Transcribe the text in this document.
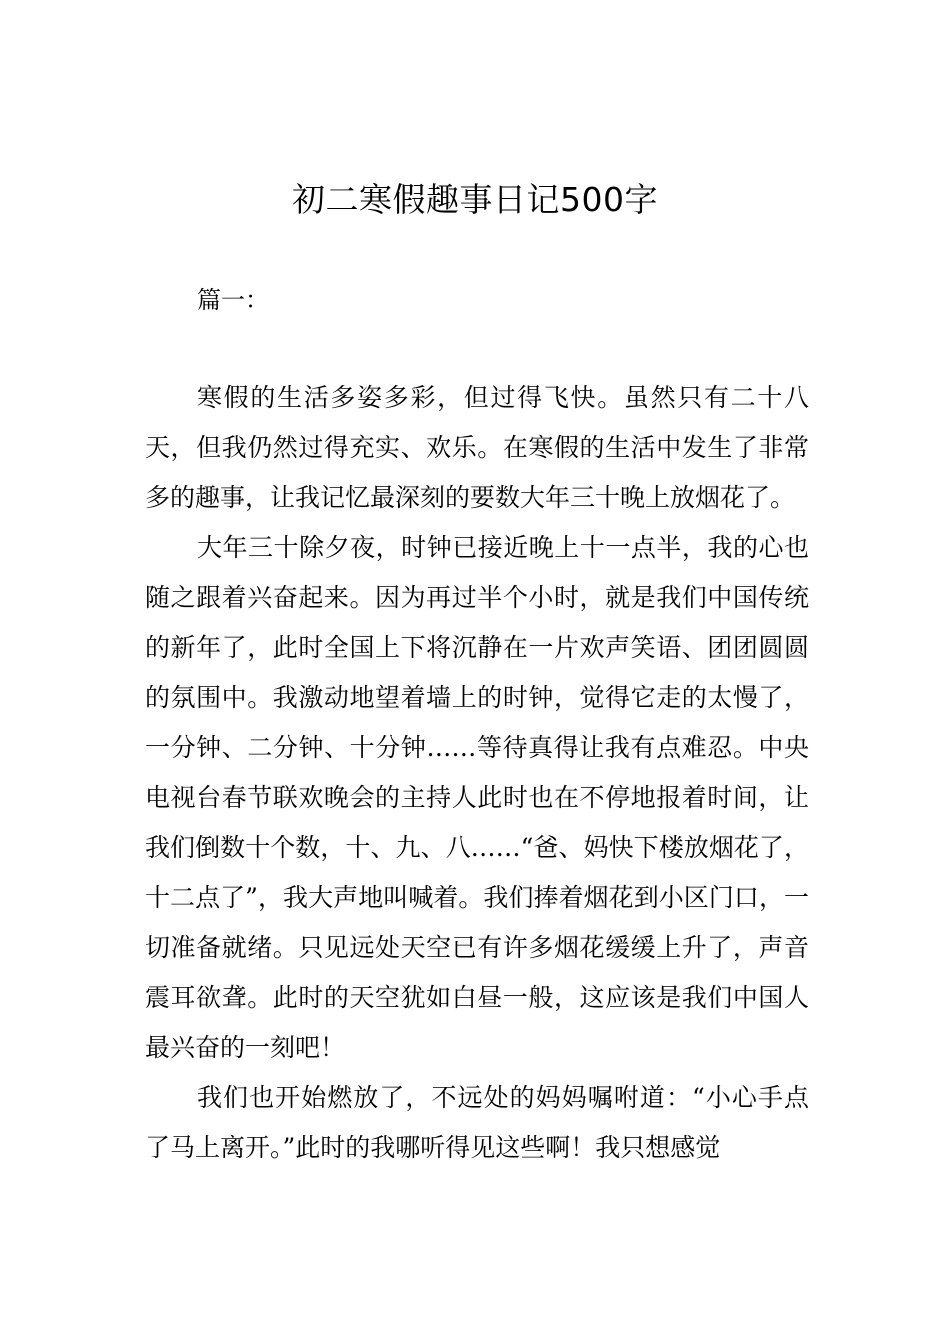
初二寒假趣事日记500字
篇一：

寒假的生活多姿多彩，但过得飞快。虽然只有二十八天，但我仍然过得充实、欢乐。在寒假的生活中发生了非常多的趣事，让我记忆最深刻的要数大年三十晚上放烟花了。

大年三十除夕夜，时钟已接近晚上十一点半，我的心也随之跟着兴奋起来。因为再过半个小时，就是我们中国传统的新年了，此时全国上下将沉静在一片欢声笑语、团团圆圆的氛围中。我激动地望着墙上的时钟，觉得它走的太慢了，一分钟、二分钟、十分钟……等待真得让我有点难忍。中央电视台春节联欢晚会的主持人此时也在不停地报着时间，让我们倒数十个数，十、九、八……“爸、妈快下楼放烟花了，十二点了”，我大声地叫喊着。我们捧着烟花到小区门口，一切准备就绪。只见远处天空已有许多烟花缓缓上升了，声音震耳欲聋。此时的天空犹如白昼一般，这应该是我们中国人最兴奋的一刻吧！

我们也开始燃放了，不远处的妈妈嘱咐道：“小心手点了马上离开。”此时的我哪听得见这些啊！我只想感觉
